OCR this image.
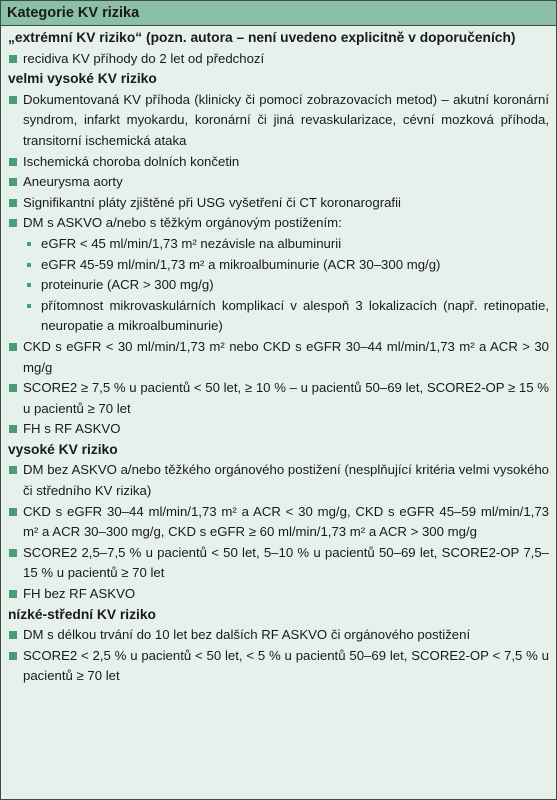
Kategorie KV rizika
„extrémní KV riziko“ (pozn. autora – není uvedeno explicitně v doporučeních)
recidiva KV příhody do 2 let od předchozí
velmi vysoké KV riziko
Dokumentovaná KV příhoda (klinicky či pomocí zobrazovacích metod) – akutní koronární syndrom, infarkt myokardu, koronární či jiná revaskularizace, cévní mozková příhoda, transitorní ischemická ataka
Ischemická choroba dolních končetin
Aneurysma aorty
Signifikantní pláty zjištěné při USG vyšetření či CT koronarografii
DM s ASKVO a/nebo s těžkým orgánovým postižením:
eGFR < 45 ml/min/1,73 m² nezávisle na albuminurii
eGFR 45-59 ml/min/1,73 m² a mikroalbuminurie (ACR 30–300 mg/g)
proteinurie (ACR > 300 mg/g)
přítomnost mikrovaskulárních komplikací v alespoň 3 lokalizacích (např. retinopatie, neuropatie a mikroalbuminurie)
CKD s eGFR < 30 ml/min/1,73 m² nebo CKD s eGFR 30–44 ml/min/1,73 m² a ACR > 30 mg/g
SCORE2 ≥ 7,5 % u pacientů < 50 let, ≥ 10 % – u pacientů 50–69 let, SCORE2-OP ≥ 15 % u pacientů ≥ 70 let
FH s RF ASKVO
vysoké KV riziko
DM bez ASKVO a/nebo těžkého orgánového postižení (nesplňující kritéria velmi vysokého či středního KV rizika)
CKD s eGFR 30–44 ml/min/1,73 m² a ACR < 30 mg/g, CKD s eGFR 45–59 ml/min/1,73 m² a ACR 30–300 mg/g, CKD s eGFR ≥ 60 ml/min/1,73 m² a ACR > 300 mg/g
SCORE2 2,5–7,5 % u pacientů < 50 let, 5–10 % u pacientů 50–69 let, SCORE2-OP 7,5–15 % u pacientů ≥ 70 let
FH bez RF ASKVO
nízké-střední KV riziko
DM s délkou trvání do 10 let bez dalších RF ASKVO či orgánového postižení
SCORE2 < 2,5 % u pacientů < 50 let, < 5 % u pacientů 50–69 let, SCORE2-OP < 7,5 % u pacientů ≥ 70 let
